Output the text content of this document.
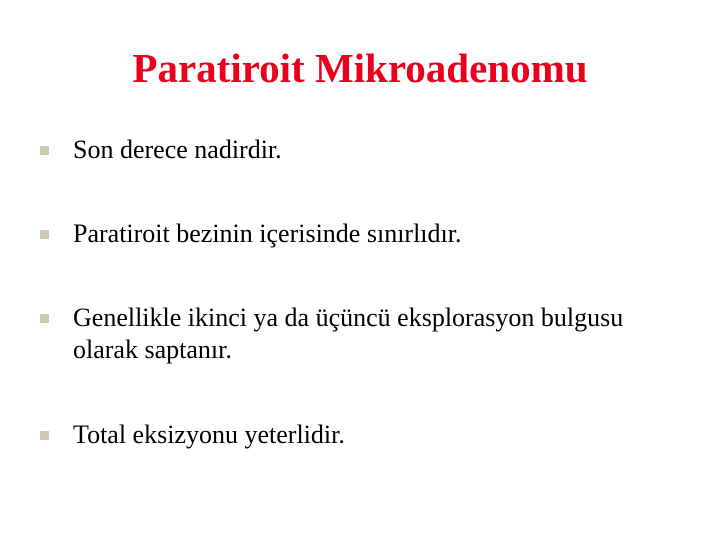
Paratiroit Mikroadenomu
Son derece nadirdir.
Paratiroit bezinin içerisinde sınırlıdır.
Genellikle ikinci ya da üçüncü eksplorasyon bulgusu olarak saptanır.
Total eksizyonu yeterlidir.
